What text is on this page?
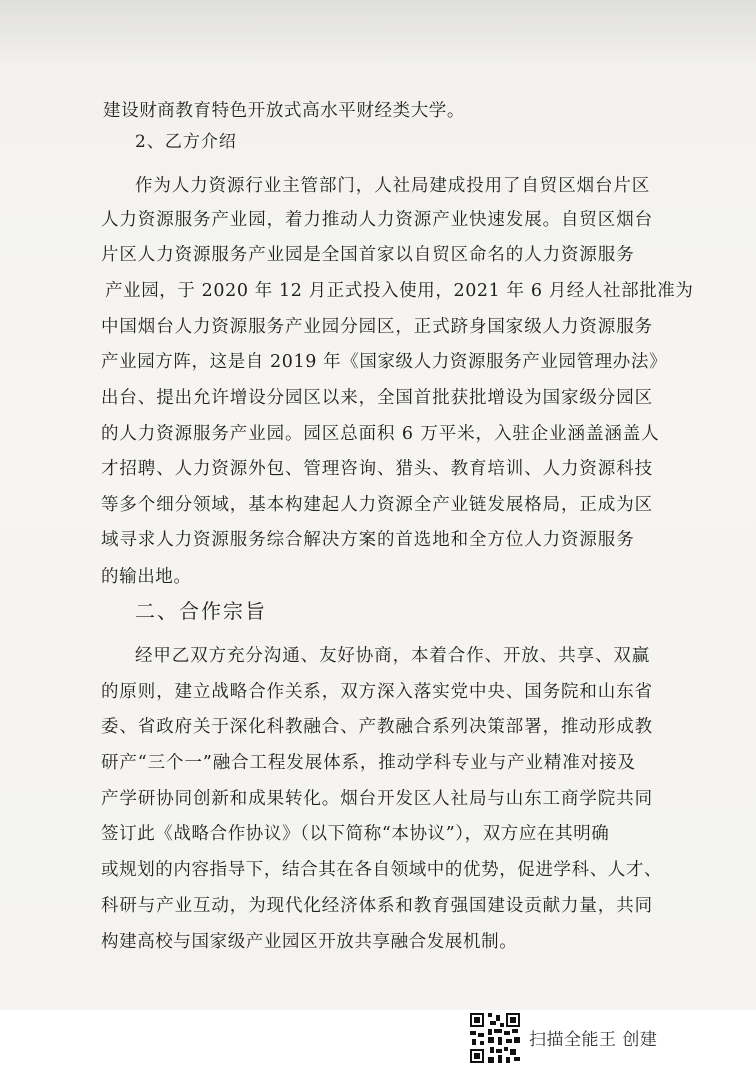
建设财商教育特色开放式高水平财经类大学。
2、乙方介绍
作为人力资源行业主管部门，人社局建成投用了自贸区烟台片区
人力资源服务产业园，着力推动人力资源产业快速发展。自贸区烟台
片区人力资源服务产业园是全国首家以自贸区命名的人力资源服务
产业园，于 2020 年 12 月正式投入使用，2021 年 6 月经人社部批准为
中国烟台人力资源服务产业园分园区，正式跻身国家级人力资源服务
产业园方阵，这是自 2019 年《国家级人力资源服务产业园管理办法》
出台、提出允许增设分园区以来，全国首批获批增设为国家级分园区
的人力资源服务产业园。园区总面积 6 万平米，入驻企业涵盖涵盖人
才招聘、人力资源外包、管理咨询、猎头、教育培训、人力资源科技
等多个细分领域，基本构建起人力资源全产业链发展格局，正成为区
域寻求人力资源服务综合解决方案的首选地和全方位人力资源服务
的输出地。
二、合作宗旨
经甲乙双方充分沟通、友好协商，本着合作、开放、共享、双赢
的原则，建立战略合作关系，双方深入落实党中央、国务院和山东省
委、省政府关于深化科教融合、产教融合系列决策部署，推动形成教
研产“三个一”融合工程发展体系，推动学科专业与产业精准对接及
产学研协同创新和成果转化。烟台开发区人社局与山东工商学院共同
签订此《战略合作协议》（以下简称“本协议”），双方应在其明确
或规划的内容指导下，结合其在各自领域中的优势，促进学科、人才、
科研与产业互动，为现代化经济体系和教育强国建设贡献力量，共同
构建高校与国家级产业园区开放共享融合发展机制。
扫描全能王 创建
